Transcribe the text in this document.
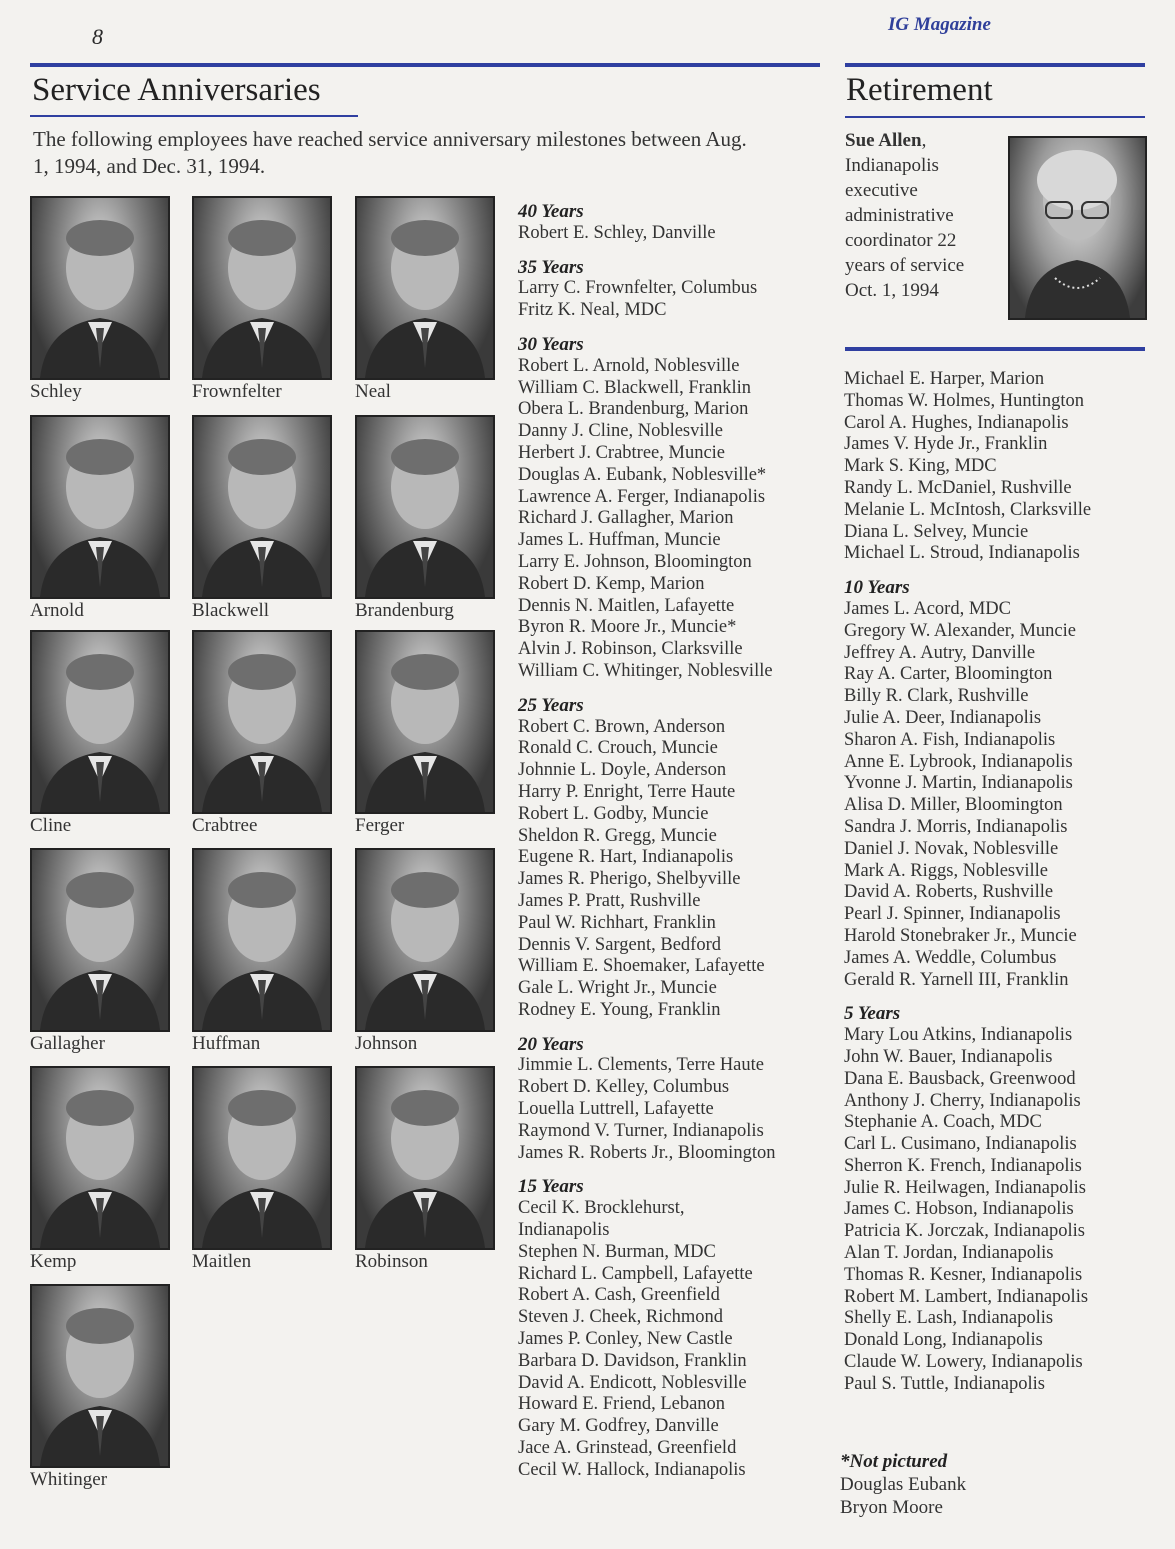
8	IG Magazine
Service Anniversaries
The following employees have reached service anniversary milestones between Aug. 1, 1994, and Dec. 31, 1994.
Schley	Frownfelter	Neal
Arnold	Blackwell	Brandenburg
Cline	Crabtree	Ferger
Gallagher	Huffman	Johnson
Kemp	Maitlen	Robinson
Whitinger
40 Years
Robert E. Schley, Danville
35 Years
Larry C. Frownfelter, Columbus
Fritz K. Neal, MDC
30 Years
Robert L. Arnold, Noblesville
William C. Blackwell, Franklin
Obera L. Brandenburg, Marion
Danny J. Cline, Noblesville
Herbert J. Crabtree, Muncie
Douglas A. Eubank, Noblesville*
Lawrence A. Ferger, Indianapolis
Richard J. Gallagher, Marion
James L. Huffman, Muncie
Larry E. Johnson, Bloomington
Robert D. Kemp, Marion
Dennis N. Maitlen, Lafayette
Byron R. Moore Jr., Muncie*
Alvin J. Robinson, Clarksville
William C. Whitinger, Noblesville
25 Years
Robert C. Brown, Anderson
Ronald C. Crouch, Muncie
Johnnie L. Doyle, Anderson
Harry P. Enright, Terre Haute
Robert L. Godby, Muncie
Sheldon R. Gregg, Muncie
Eugene R. Hart, Indianapolis
James R. Pherigo, Shelbyville
James P. Pratt, Rushville
Paul W. Richhart, Franklin
Dennis V. Sargent, Bedford
William E. Shoemaker, Lafayette
Gale L. Wright Jr., Muncie
Rodney E. Young, Franklin
20 Years
Jimmie L. Clements, Terre Haute
Robert D. Kelley, Columbus
Louella Luttrell, Lafayette
Raymond V. Turner, Indianapolis
James R. Roberts Jr., Bloomington
15 Years
Cecil K. Brocklehurst,
Indianapolis
Stephen N. Burman, MDC
Richard L. Campbell, Lafayette
Robert A. Cash, Greenfield
Steven J. Cheek, Richmond
James P. Conley, New Castle
Barbara D. Davidson, Franklin
David A. Endicott, Noblesville
Howard E. Friend, Lebanon
Gary M. Godfrey, Danville
Jace A. Grinstead, Greenfield
Cecil W. Hallock, Indianapolis
Retirement
Sue Allen, Indianapolis executive administrative coordinator 22 years of service Oct. 1, 1994
Michael E. Harper, Marion
Thomas W. Holmes, Huntington
Carol A. Hughes, Indianapolis
James V. Hyde Jr., Franklin
Mark S. King, MDC
Randy L. McDaniel, Rushville
Melanie L. McIntosh, Clarksville
Diana L. Selvey, Muncie
Michael L. Stroud, Indianapolis
10 Years
James L. Acord, MDC
Gregory W. Alexander, Muncie
Jeffrey A. Autry, Danville
Ray A. Carter, Bloomington
Billy R. Clark, Rushville
Julie A. Deer, Indianapolis
Sharon A. Fish, Indianapolis
Anne E. Lybrook, Indianapolis
Yvonne J. Martin, Indianapolis
Alisa D. Miller, Bloomington
Sandra J. Morris, Indianapolis
Daniel J. Novak, Noblesville
Mark A. Riggs, Noblesville
David A. Roberts, Rushville
Pearl J. Spinner, Indianapolis
Harold Stonebraker Jr., Muncie
James A. Weddle, Columbus
Gerald R. Yarnell III, Franklin
5 Years
Mary Lou Atkins, Indianapolis
John W. Bauer, Indianapolis
Dana E. Bausback, Greenwood
Anthony J. Cherry, Indianapolis
Stephanie A. Coach, MDC
Carl L. Cusimano, Indianapolis
Sherron K. French, Indianapolis
Julie R. Heilwagen, Indianapolis
James C. Hobson, Indianapolis
Patricia K. Jorczak, Indianapolis
Alan T. Jordan, Indianapolis
Thomas R. Kesner, Indianapolis
Robert M. Lambert, Indianapolis
Shelly E. Lash, Indianapolis
Donald Long, Indianapolis
Claude W. Lowery, Indianapolis
Paul S. Tuttle, Indianapolis
*Not pictured
Douglas Eubank
Bryon Moore
